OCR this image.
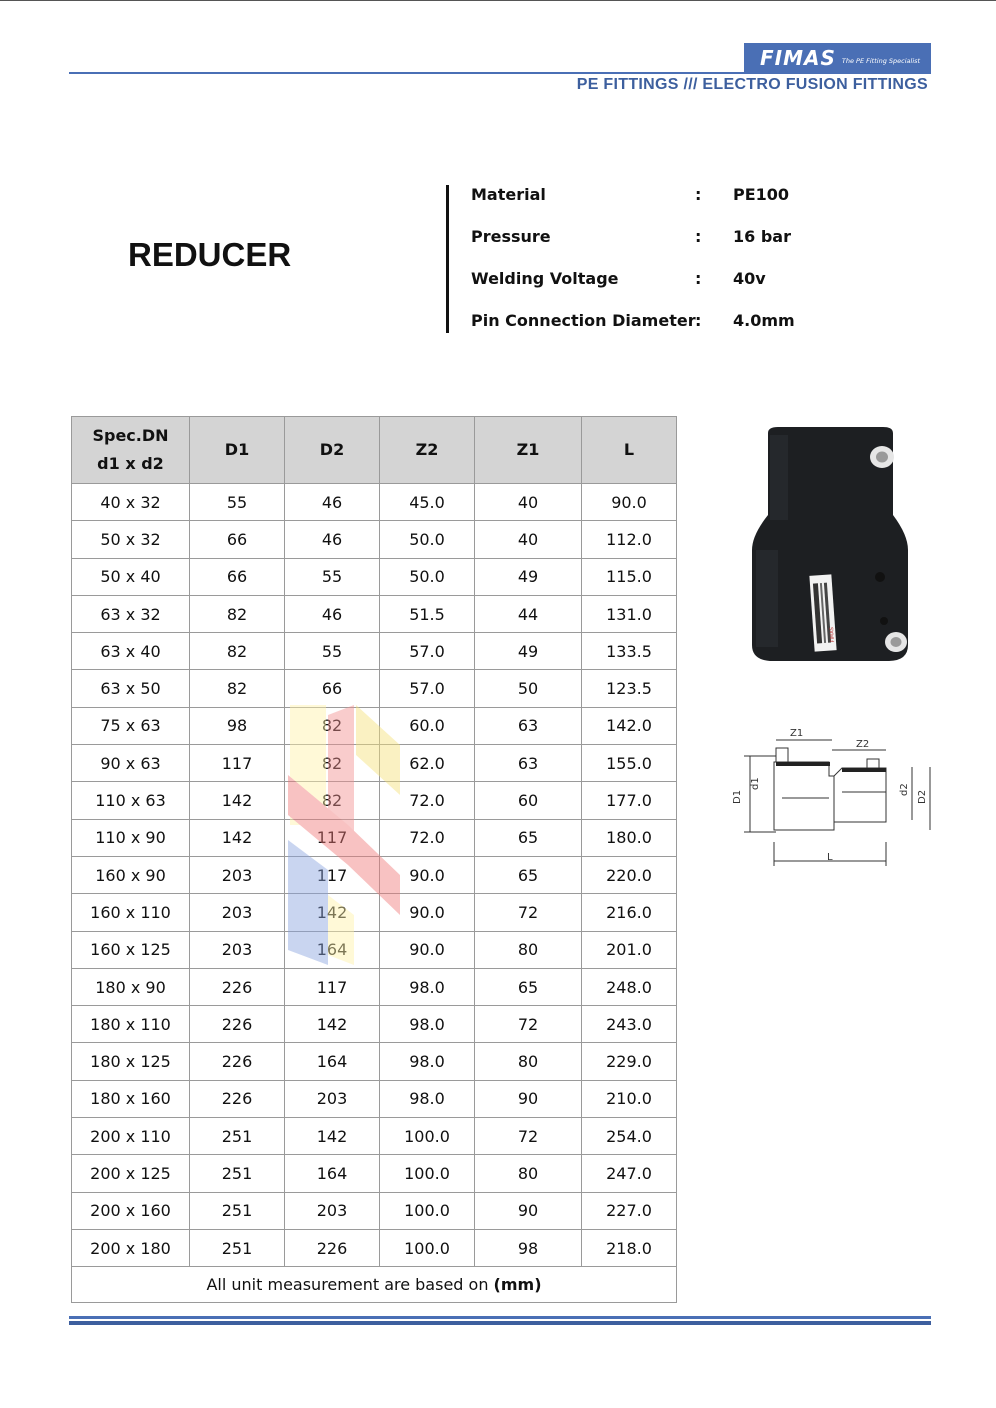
FIMAS The PE Fitting Specialist
PE FITTINGS /// ELECTRO FUSION FITTINGS
REDUCER
Material	: PE100
Pressure	: 16 bar
Welding Voltage	: 40v
Pin Connection Diameter : 4.0mm
Spec.DN
d1 x d2	D1	D2	Z2	Z1	L
40 x 32	55	46	45.0	40	90.0
50 x 32	66	46	50.0	40	112.0
50 x 40	66	55	50.0	49	115.0
63 x 32	82	46	51.5	44	131.0
63 x 40	82	55	57.0	49	133.5
63 x 50	82	66	57.0	50	123.5
75 x 63	98	82	60.0	63	142.0
90 x 63	117	82	62.0	63	155.0
110 x 63	142	82	72.0	60	177.0
110 x 90	142	117	72.0	65	180.0
160 x 90	203	117	90.0	65	220.0
160 x 110	203	142	90.0	72	216.0
160 x 125	203	164	90.0	80	201.0
180 x 90	226	117	98.0	65	248.0
180 x 110	226	142	98.0	72	243.0
180 x 125	226	164	98.0	80	229.0
180 x 160	226	203	98.0	90	210.0
200 x 110	251	142	100.0	72	254.0
200 x 125	251	164	100.0	80	247.0
200 x 160	251	203	100.0	90	227.0
200 x 180	251	226	100.0	98	218.0
All unit measurement are based on (mm)					
FIMAS
Z1
Z2
D1
d1	d2
D2
L
